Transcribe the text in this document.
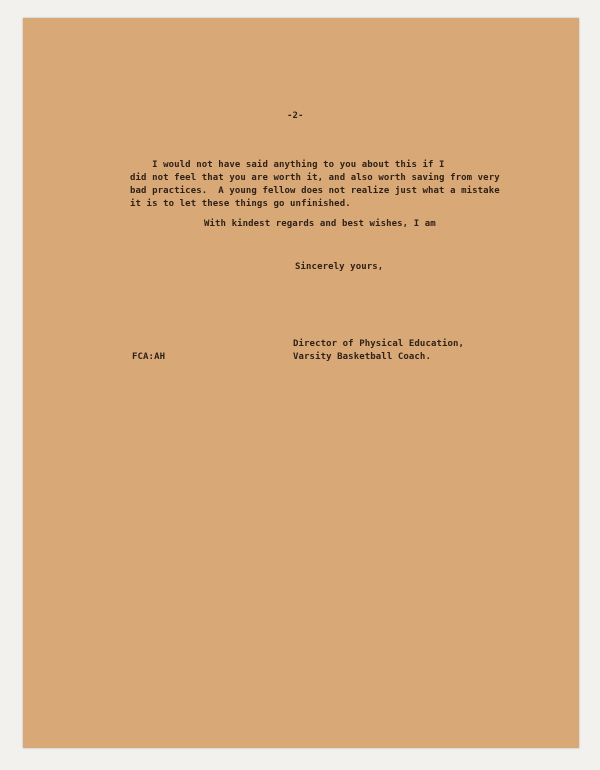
-2-
I would not have said anything to you about this if I
did not feel that you are worth it, and also worth saving from very
bad practices.  A young fellow does not realize just what a mistake
it is to let these things go unfinished.
With kindest regards and best wishes, I am
Sincerely yours,
Director of Physical Education,
Varsity Basketball Coach.
FCA:AH
